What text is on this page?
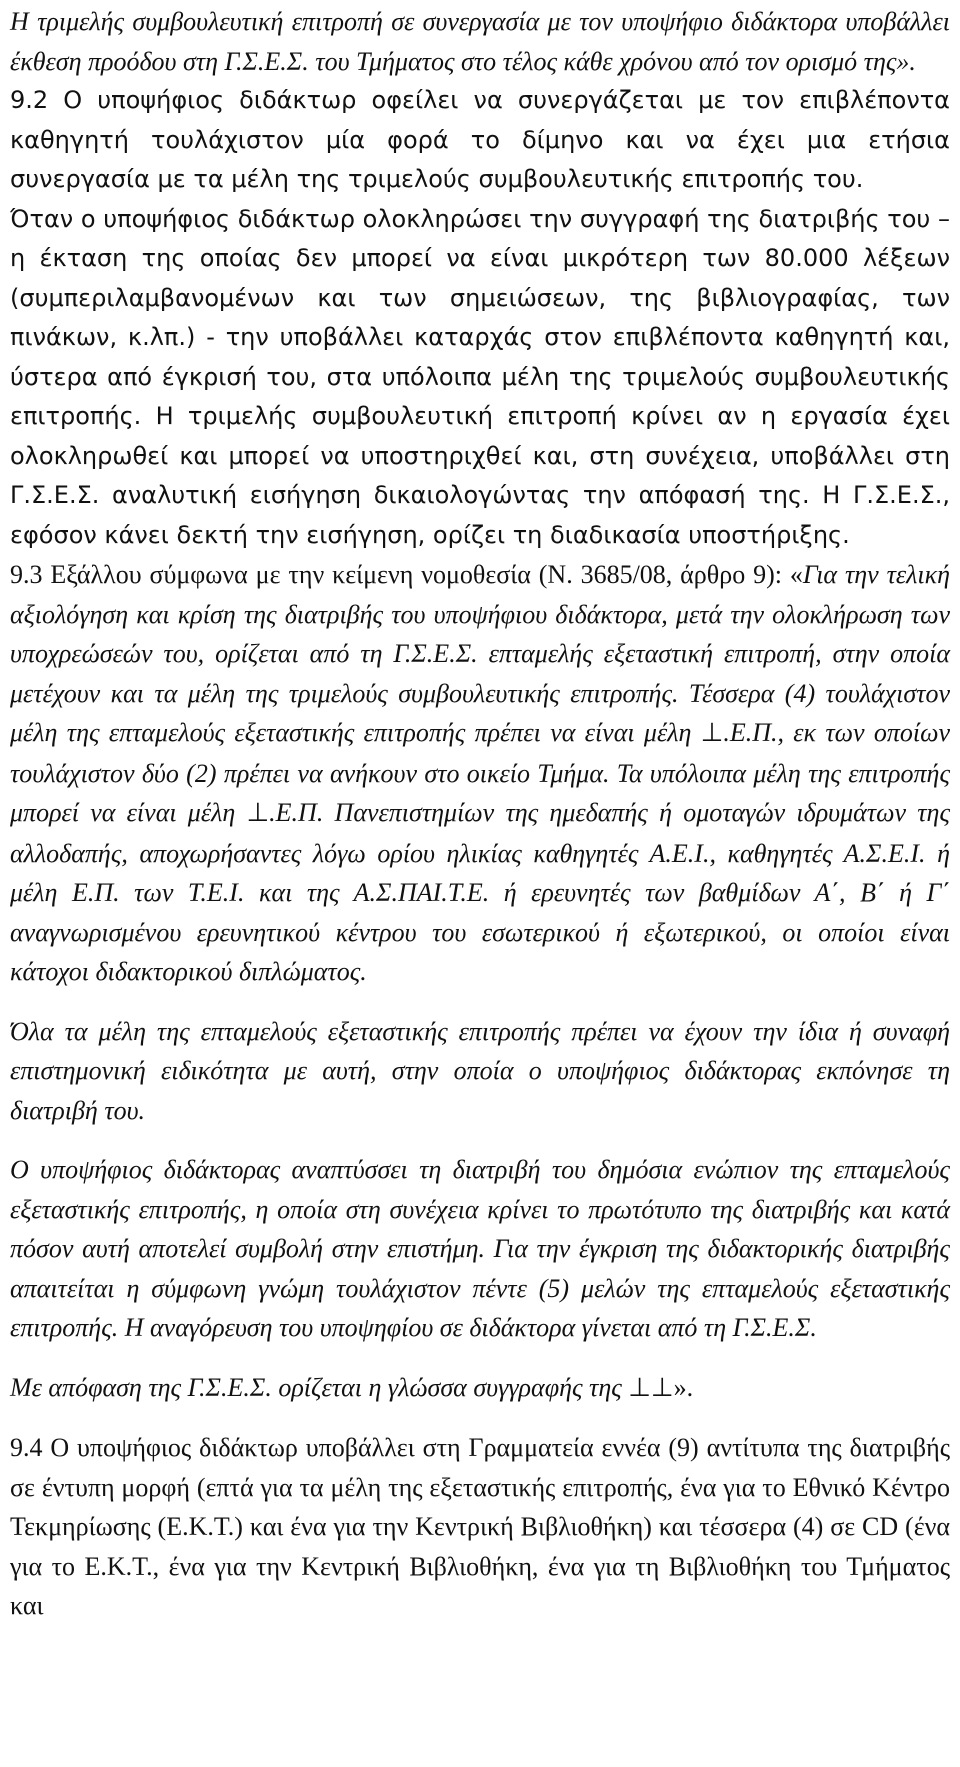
Η τριμελής συμβουλευτική επιτροπή σε συνεργασία με τον υποψήφιο διδάκτορα υποβάλλει έκθεση προόδου στη Γ.Σ.Ε.Σ. του Τμήματος στο τέλος κάθε χρόνου από τον ορισμό της».

9.2 Ο υποψήφιος διδάκτωρ οφείλει να συνεργάζεται με τον επιβλέποντα καθηγητή τουλάχιστον μία φορά το δίμηνο και να έχει μια ετήσια συνεργασία με τα μέλη της τριμελούς συμβουλευτικής επιτροπής του.

Όταν ο υποψήφιος διδάκτωρ ολοκληρώσει την συγγραφή της διατριβής του – η έκταση της οποίας δεν μπορεί να είναι μικρότερη των 80.000 λέξεων (συμπεριλαμβανομένων και των σημειώσεων, της βιβλιογραφίας, των πινάκων, κ.λπ.) - την υποβάλλει καταρχάς στον επιβλέποντα καθηγητή και, ύστερα από έγκρισή του, στα υπόλοιπα μέλη της τριμελούς συμβουλευτικής επιτροπής. Η τριμελής συμβουλευτική επιτροπή κρίνει αν η εργασία έχει ολοκληρωθεί και μπορεί να υποστηριχθεί και, στη συνέχεια, υποβάλλει στη Γ.Σ.Ε.Σ. αναλυτική εισήγηση δικαιολογώντας την απόφασή της. Η Γ.Σ.Ε.Σ., εφόσον κάνει δεκτή την εισήγηση, ορίζει τη διαδικασία υποστήριξης.

9.3 Εξάλλου σύμφωνα με την κείμενη νομοθεσία (Ν. 3685/08, άρθρο 9): «Για την τελική αξιολόγηση και κρίση της διατριβής του υποψήφιου διδάκτορα, μετά την ολοκλήρωση των υποχρεώσεών του, ορίζεται από τη Γ.Σ.Ε.Σ. επταμελής εξεταστική επιτροπή, στην οποία μετέχουν και τα μέλη της τριμελούς συμβουλευτικής επιτροπής. Τέσσερα (4) τουλάχιστον μέλη της επταμελούς εξεταστικής επιτροπής πρέπει να είναι μέλη ⊥.Ε.Π., εκ των οποίων τουλάχιστον δύο (2) πρέπει να ανήκουν στο οικείο Τμήμα. Τα υπόλοιπα μέλη της επιτροπής μπορεί να είναι μέλη ⊥.Ε.Π. Πανεπιστημίων της ημεδαπής ή ομοταγών ιδρυμάτων της αλλοδαπής, αποχωρήσαντες λόγω ορίου ηλικίας καθηγητές Α.Ε.Ι., καθηγητές Α.Σ.Ε.Ι. ή μέλη Ε.Π. των Τ.Ε.Ι. και της Α.Σ.ΠΑΙ.Τ.Ε. ή ερευνητές των βαθμίδων Α΄, Β΄ ή Γ΄ αναγνωρισμένου ερευνητικού κέντρου του εσωτερικού ή εξωτερικού, οι οποίοι είναι κάτοχοι διδακτορικού διπλώματος.

Όλα τα μέλη της επταμελούς εξεταστικής επιτροπής πρέπει να έχουν την ίδια ή συναφή επιστημονική ειδικότητα με αυτή, στην οποία ο υποψήφιος διδάκτορας εκπόνησε τη διατριβή του.

Ο υποψήφιος διδάκτορας αναπτύσσει τη διατριβή του δημόσια ενώπιον της επταμελούς εξεταστικής επιτροπής, η οποία στη συνέχεια κρίνει το πρωτότυπο της διατριβής και κατά πόσον αυτή αποτελεί συμβολή στην επιστήμη. Για την έγκριση της διδακτορικής διατριβής απαιτείται η σύμφωνη γνώμη τουλάχιστον πέντε (5) μελών της επταμελούς εξεταστικής επιτροπής. Η αναγόρευση του υποψηφίου σε διδάκτορα γίνεται από τη Γ.Σ.Ε.Σ.

Με απόφαση της Γ.Σ.Ε.Σ. ορίζεται η γλώσσα συγγραφής της ⊥⊥».

9.4 Ο υποψήφιος διδάκτωρ υποβάλλει στη Γραμματεία εννέα (9) αντίτυπα της διατριβής σε έντυπη μορφή (επτά για τα μέλη της εξεταστικής επιτροπής, ένα για το Εθνικό Κέντρο Τεκμηρίωσης (Ε.Κ.Τ.) και ένα για την Κεντρική Βιβλιοθήκη) και τέσσερα (4) σε CD (ένα για το Ε.Κ.Τ., ένα για την Κεντρική Βιβλιοθήκη, ένα για τη Βιβλιοθήκη του Τμήματος και
